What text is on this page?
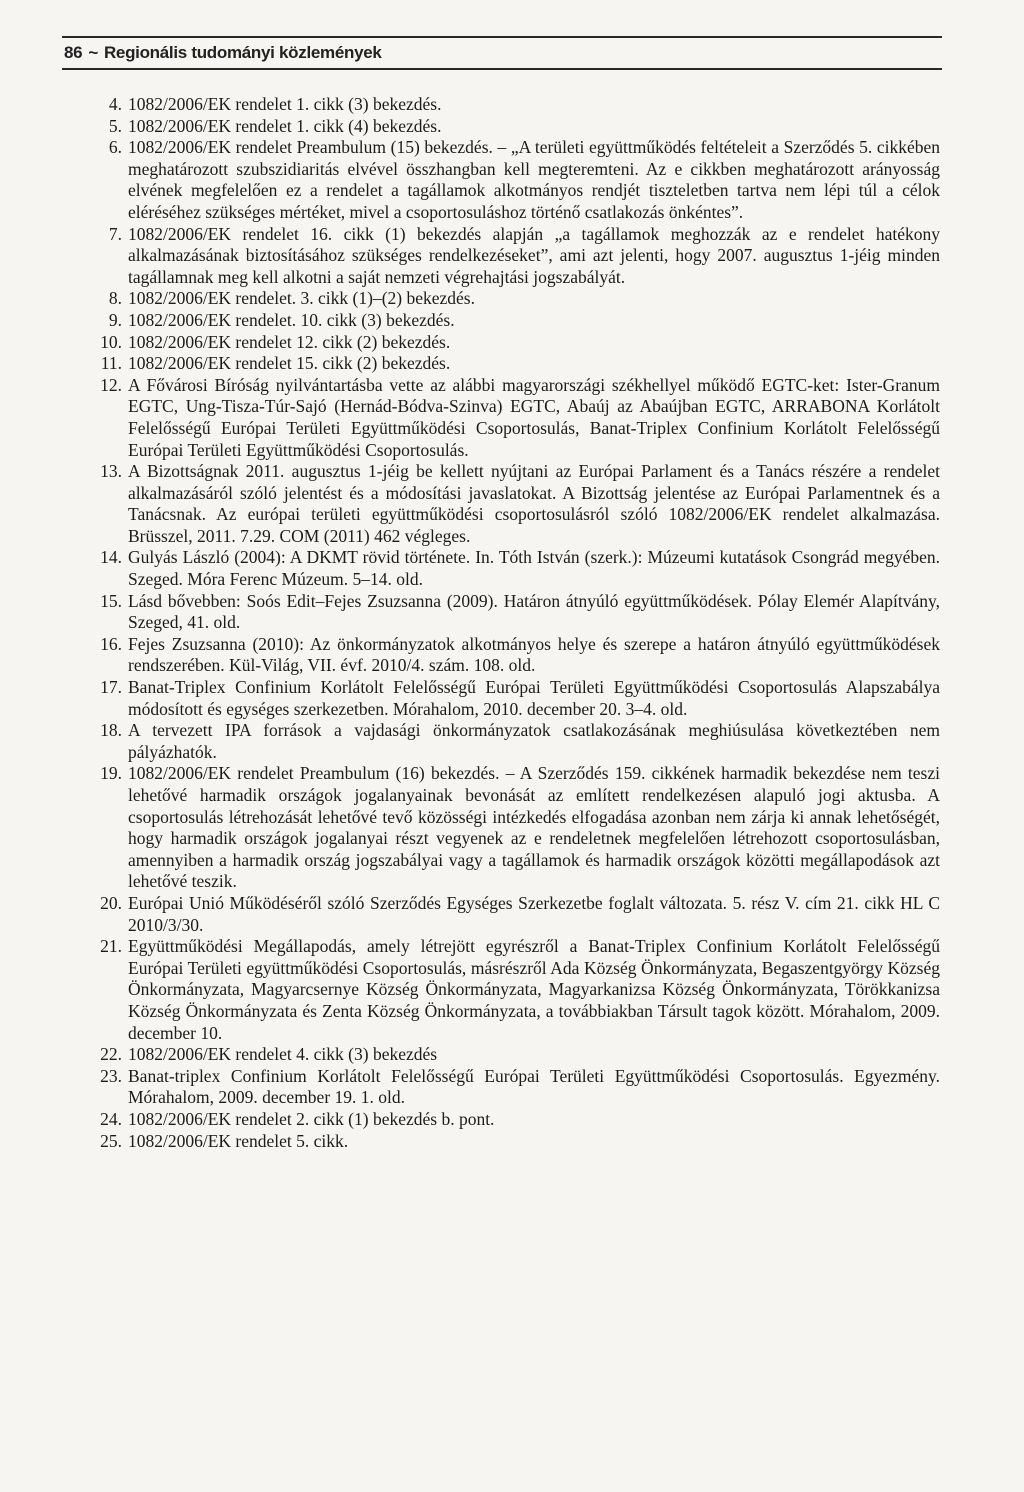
86 ~ Regionális tudományi közlemények
4. 1082/2006/EK rendelet 1. cikk (3) bekezdés.
5. 1082/2006/EK rendelet 1. cikk (4) bekezdés.
6. 1082/2006/EK rendelet Preambulum (15) bekezdés. – „A területi együttműködés feltételeit a Szerződés 5. cikkében meghatározott szubszidiaritás elvével összhangban kell megteremteni. Az e cikkben meghatározott arányosság elvének megfelelően ez a rendelet a tagállamok alkotmányos rendjét tiszteletben tartva nem lépi túl a célok eléréséhez szükséges mértéket, mivel a csoportosuláshoz történő csatlakozás önkéntes”.
7. 1082/2006/EK rendelet 16. cikk (1) bekezdés alapján „a tagállamok meghozzák az e rendelet hatékony alkalmazásának biztosításához szükséges rendelkezéseket”, ami azt jelenti, hogy 2007. augusztus 1-jéig minden tagállamnak meg kell alkotni a saját nemzeti végrehajtási jogszabályát.
8. 1082/2006/EK rendelet. 3. cikk (1)–(2) bekezdés.
9. 1082/2006/EK rendelet. 10. cikk (3) bekezdés.
10. 1082/2006/EK rendelet 12. cikk (2) bekezdés.
11. 1082/2006/EK rendelet 15. cikk (2) bekezdés.
12. A Fővárosi Bíróság nyilvántartásba vette az alábbi magyarországi székhellyel működő EGTC-ket: Ister-Granum EGTC, Ung-Tisza-Túr-Sajó (Hernád-Bódva-Szinva) EGTC, Abaúj az Abaújban EGTC, ARRABONA Korlátolt Felelősségű Európai Területi Együttműködési Csoportosulás, Banat-Triplex Confinium Korlátolt Felelősségű Európai Területi Együttműködési Csoportosulás.
13. A Bizottságnak 2011. augusztus 1-jéig be kellett nyújtani az Európai Parlament és a Tanács részére a rendelet alkalmazásáról szóló jelentést és a módosítási javaslatokat. A Bizottság jelentése az Európai Parlamentnek és a Tanácsnak. Az európai területi együttműködési csoportosulásról szóló 1082/2006/EK rendelet alkalmazása. Brüsszel, 2011. 7.29. COM (2011) 462 végleges.
14. Gulyás László (2004): A DKMT rövid története. In. Tóth István (szerk.): Múzeumi kutatások Csongrád megyében. Szeged. Móra Ferenc Múzeum. 5–14. old.
15. Lásd bővebben: Soós Edit–Fejes Zsuzsanna (2009). Határon átnyúló együttműködések. Pólay Elemér Alapítvány, Szeged, 41. old.
16. Fejes Zsuzsanna (2010): Az önkormányzatok alkotmányos helye és szerepe a határon átnyúló együttműködések rendszerében. Kül-Világ, VII. évf. 2010/4. szám. 108. old.
17. Banat-Triplex Confinium Korlátolt Felelősségű Európai Területi Együttműködési Csoportosulás Alapszabálya módosított és egységes szerkezetben. Mórahalom, 2010. december 20. 3–4. old.
18. A tervezett IPA források a vajdasági önkormányzatok csatlakozásának meghiúsulása következtében nem pályázhatók.
19. 1082/2006/EK rendelet Preambulum (16) bekezdés. – A Szerződés 159. cikkének harmadik bekezdése nem teszi lehetővé harmadik országok jogalanyainak bevonását az említett rendelkezésen alapuló jogi aktusba. A csoportosulás létrehozását lehetővé tevő közösségi intézkedés elfogadása azonban nem zárja ki annak lehetőségét, hogy harmadik országok jogalanyai részt vegyenek az e rendeletnek megfelelően létrehozott csoportosulásban, amennyiben a harmadik ország jogszabályai vagy a tagállamok és harmadik országok közötti megállapodások azt lehetővé teszik.
20. Európai Unió Működéséről szóló Szerződés Egységes Szerkezetbe foglalt változata. 5. rész V. cím 21. cikk HL C 2010/3/30.
21. Együttműködési Megállapodás, amely létrejött egyrészről a Banat-Triplex Confinium Korlátolt Felelősségű Európai Területi együttműködési Csoportosulás, másrészről Ada Község Önkormányzata, Begaszentgyörgy Község Önkormányzata, Magyarcsernye Község Önkormányzata, Magyarkanizsa Község Önkormányzata, Törökkanizsa Község Önkormányzata és Zenta Község Önkormányzata, a továbbiakban Társult tagok között. Mórahalom, 2009. december 10.
22. 1082/2006/EK rendelet 4. cikk (3) bekezdés
23. Banat-triplex Confinium Korlátolt Felelősségű Európai Területi Együttműködési Csoportosulás. Egyezmény. Mórahalom, 2009. december 19. 1. old.
24. 1082/2006/EK rendelet 2. cikk (1) bekezdés b. pont.
25. 1082/2006/EK rendelet 5. cikk.
